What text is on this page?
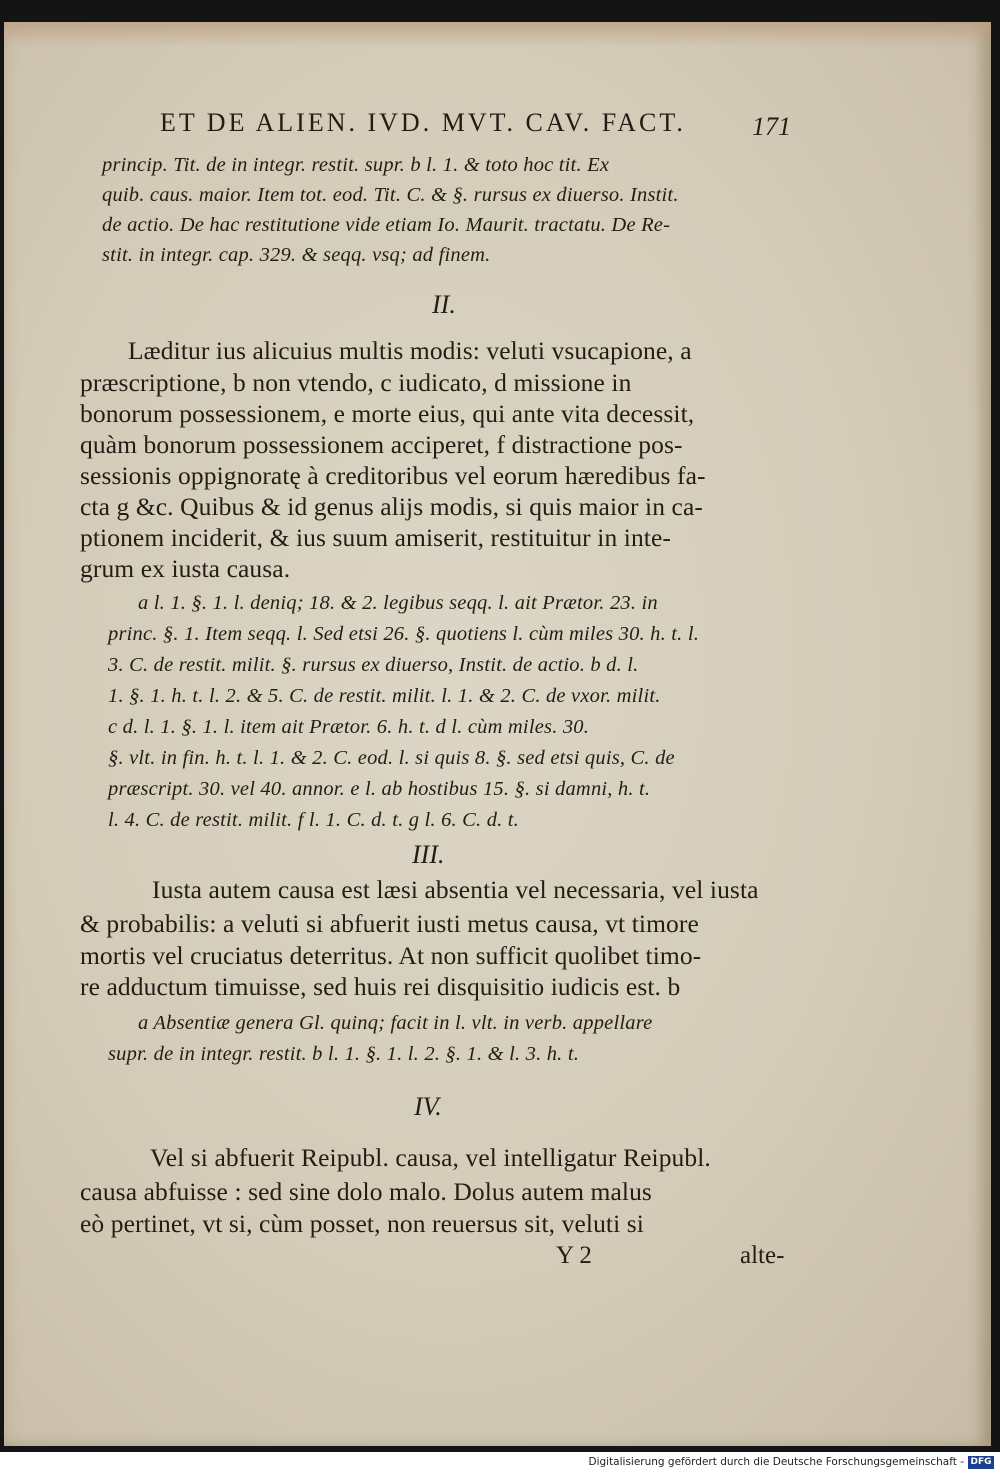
ET DE ALIEN. IVD. MVT. CAV. FACT.	171
princip. Tit. de in integr. restit. supr. b l. 1. & toto hoc tit. Ex
quib. caus. maior. Item tot. eod. Tit. C. & §. rursus ex diuerso. Instit.
de actio. De hac restitutione vide etiam Io. Maurit. tractatu. De Re-
stit. in integr. cap. 329. & seqq. vsq; ad finem.
II.
Læditur ius alicuius multis modis: veluti vsucapione, a
præscriptione, b non vtendo, c iudicato, d missione in
bonorum possessionem, e morte eius, qui ante vita decessit,
quàm bonorum possessionem acciperet, f distractione pos-
sessionis oppignoratę à creditoribus vel eorum hæredibus fa-
cta g &c. Quibus & id genus alijs modis, si quis maior in ca-
ptionem inciderit, & ius suum amiserit, restituitur in inte-
grum ex iusta causa.
a l. 1. §. 1. l. deniq; 18. & 2. legibus seqq. l. ait Prætor. 23. in
princ. §. 1. Item seqq. l. Sed etsi 26. §. quotiens l. cùm miles 30. h. t. l.
3. C. de restit. milit. §. rursus ex diuerso, Instit. de actio. b d. l.
1. §. 1. h. t. l. 2. & 5. C. de restit. milit. l. 1. & 2. C. de vxor. milit.
c d. l. 1. §. 1. l. item ait Prætor. 6. h. t. d l. cùm miles. 30.
§. vlt. in fin. h. t. l. 1. & 2. C. eod. l. si quis 8. §. sed etsi quis, C. de
præscript. 30. vel 40. annor. e l. ab hostibus 15. §. si damni, h. t.
l. 4. C. de restit. milit. f l. 1. C. d. t. g l. 6. C. d. t.
III.
Iusta autem causa est læsi absentia vel necessaria, vel iusta
& probabilis: a veluti si abfuerit iusti metus causa, vt timore
mortis vel cruciatus deterritus. At non sufficit quolibet timo-
re adductum timuisse, sed huis rei disquisitio iudicis est. b
a Absentiæ genera Gl. quinq; facit in l. vlt. in verb. appellare
supr. de in integr. restit. b l. 1. §. 1. l. 2. §. 1. & l. 3. h. t.
IV.
Vel si abfuerit Reipubl. causa, vel intelligatur Reipubl.
causa abfuisse : sed sine dolo malo. Dolus autem malus
eò pertinet, vt si, cùm posset, non reuersus sit, veluti si
Y 2	alte-
Digitalisierung gefördert durch die Deutsche Forschungsgemeinschaft - DFG
